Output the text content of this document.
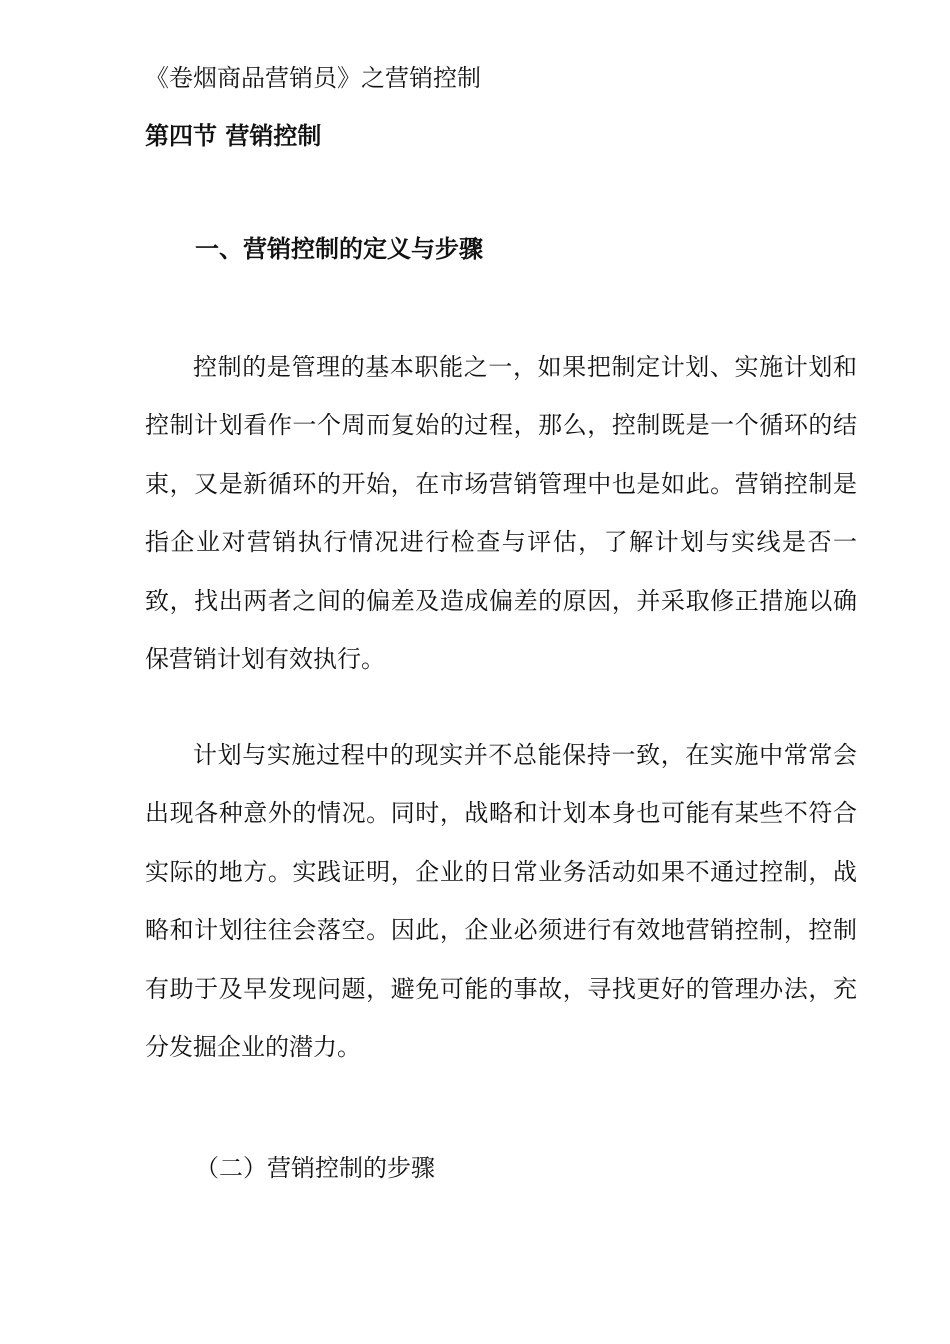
《卷烟商品营销员》之营销控制
第四节 营销控制
一、营销控制的定义与步骤

控制的是管理的基本职能之一，如果把制定计划、实施计划和控制计划看作一个周而复始的过程，那么，控制既是一个循环的结束，又是新循环的开始，在市场营销管理中也是如此。营销控制是指企业对营销执行情况进行检查与评估，了解计划与实线是否一致，找出两者之间的偏差及造成偏差的原因，并采取修正措施以确保营销计划有效执行。

计划与实施过程中的现实并不总能保持一致，在实施中常常会出现各种意外的情况。同时，战略和计划本身也可能有某些不符合实际的地方。实践证明，企业的日常业务活动如果不通过控制，战略和计划往往会落空。因此，企业必须进行有效地营销控制，控制有助于及早发现问题，避免可能的事故，寻找更好的管理办法，充分发掘企业的潜力。

（二）营销控制的步骤
